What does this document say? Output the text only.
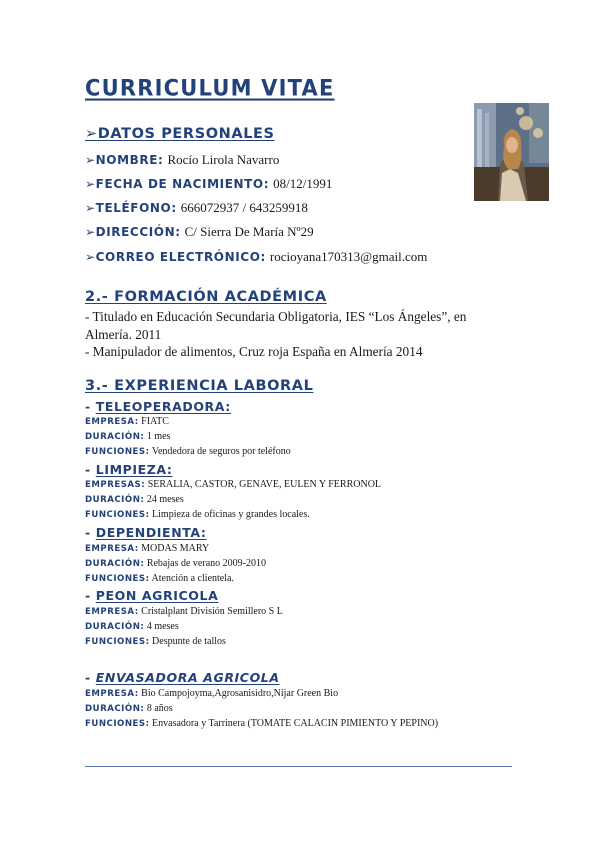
CURRICULUM VITAE
➢DATOS PERSONALES
➢NOMBRE: Rocío Lirola Navarro
➢FECHA DE NACIMIENTO: 08/12/1991
➢TELÉFONO: 666072937 / 643259918
➢DIRECCIÓN: C/ Sierra De María Nº29
➢CORREO ELECTRÓNICO: rocioyana170313@gmail.com
2.- FORMACIÓN ACADÉMICA
- Titulado en Educación Secundaria Obligatoria, IES “Los Ángeles”, en Almería. 2011
- Manipulador de alimentos, Cruz roja España en Almería 2014
3.- EXPERIENCIA LABORAL
- TELEOPERADORA:
EMPRESA: FIATC
DURACIÓN: 1 mes
FUNCIONES: Vendedora de seguros por teléfono
- LIMPIEZA:
EMPRESAS: SERALIA, CASTOR, GENAVE, EULEN Y FERRONOL
DURACIÓN: 24 meses
FUNCIONES: Limpieza de oficinas y grandes locales.
- DEPENDIENTA:
EMPRESA: MODAS MARY
DURACIÓN: Rebajas de verano 2009-2010
FUNCIONES: Atención a clientela.
- PEON AGRICOLA
EMPRESA: Cristalplant División Semillero S L
DURACIÓN: 4 meses
FUNCIONES: Despunte de tallos
- ENVASADORA AGRICOLA
EMPRESA: Bio Campojoyma,Agrosanisidro,Nijar Green Bio
DURACIÓN: 8 años
FUNCIONES: Envasadora y Tarrinera (TOMATE CALACIN PIMIENTO Y PEPINO)
